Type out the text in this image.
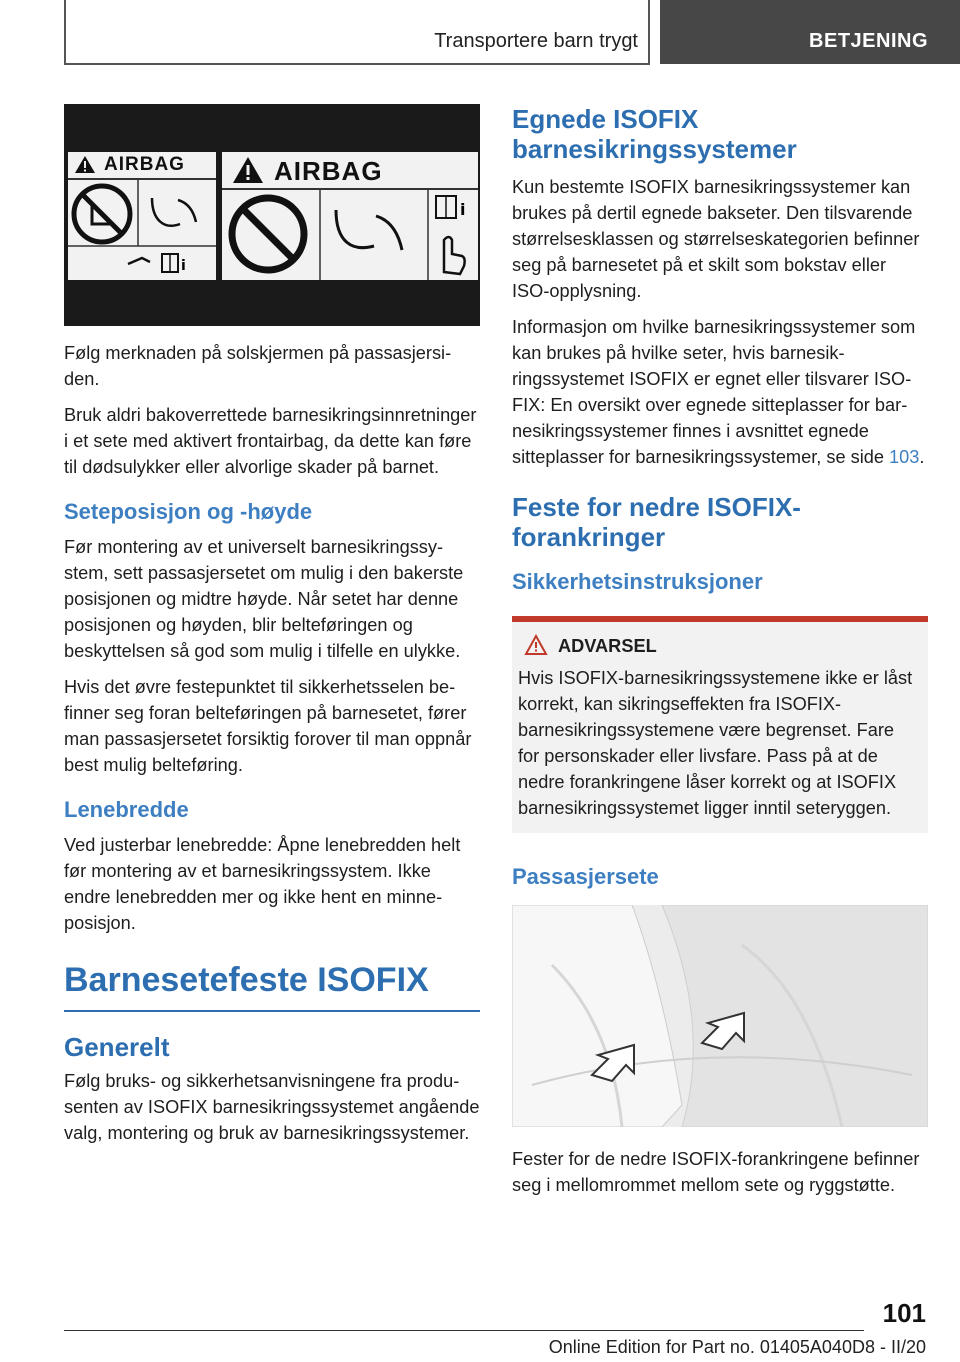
Transportere barn trygt	BETJENING
AIRBAG
i
AIRBAG
i

Følg merknaden på solskjermen på passasjersiden.

Bruk aldri bakoverrettede barnesikringsinnretninger i et sete med aktivert frontairbag, da dette kan føre til dødsulykker eller alvorlige skader på barnet.

Seteposisjon og -høyde

Før montering av et universelt barnesikringssystem, sett passasjersetet om mulig i den bakerste posisjonen og midtre høyde. Når setet har denne posisjonen og høyden, blir belteføringen og beskyttelsen så god som mulig i tilfelle en ulykke.

Hvis det øvre festepunktet til sikkerhetsselen befinner seg foran belteføringen på barnesetet, fører man passasjersetet forsiktig forover til man oppnår best mulig belteføring.

Lenebredde

Ved justerbar lenebredde: Åpne lenebredden helt før montering av et barnesikringssystem. Ikke endre lenebredden mer og ikke hent en minne-posisjon.

Barnesetefeste ISOFIX
Generelt

Følg bruks- og sikkerhetsanvisningene fra produsenten av ISOFIX barnesikringssystemet angående valg, montering og bruk av barnesikringssystemer.

Egnede ISOFIX barnesikringssystemer

Kun bestemte ISOFIX barnesikringssystemer kan brukes på dertil egnede bakseter. Den tilsvarende størrelsesklassen og størrelseskategorien befinner seg på barnesetet på et skilt som bokstav eller ISO-opplysning.

Informasjon om hvilke barnesikringssystemer som kan brukes på hvilke seter, hvis barnesikringssystemet ISOFIX er egnet eller tilsvarer ISOFIX: En oversikt over egnede sitteplasser for barnesikringssystemer finnes i avsnittet egnede sitteplasser for barnesikringssystemer, se side 103.

Feste for nedre ISOFIX-forankringer
Sikkerhetsinstruksjoner
ADVARSEL

Hvis ISOFIX-barnesikringssystemene ikke er låst korrekt, kan sikringseffekten fra ISOFIX-barnesikringssystemene være begrenset. Fare for personskader eller livsfare. Pass på at de nedre forankringene låser korrekt og at ISOFIX barnesikringssystemet ligger inntil seteryggen.

Passasjersete

Fester for de nedre ISOFIX-forankringene befinner seg i mellomrommet mellom sete og ryggstøtte.

101
Online Edition for Part no. 01405A040D8 - II/20
